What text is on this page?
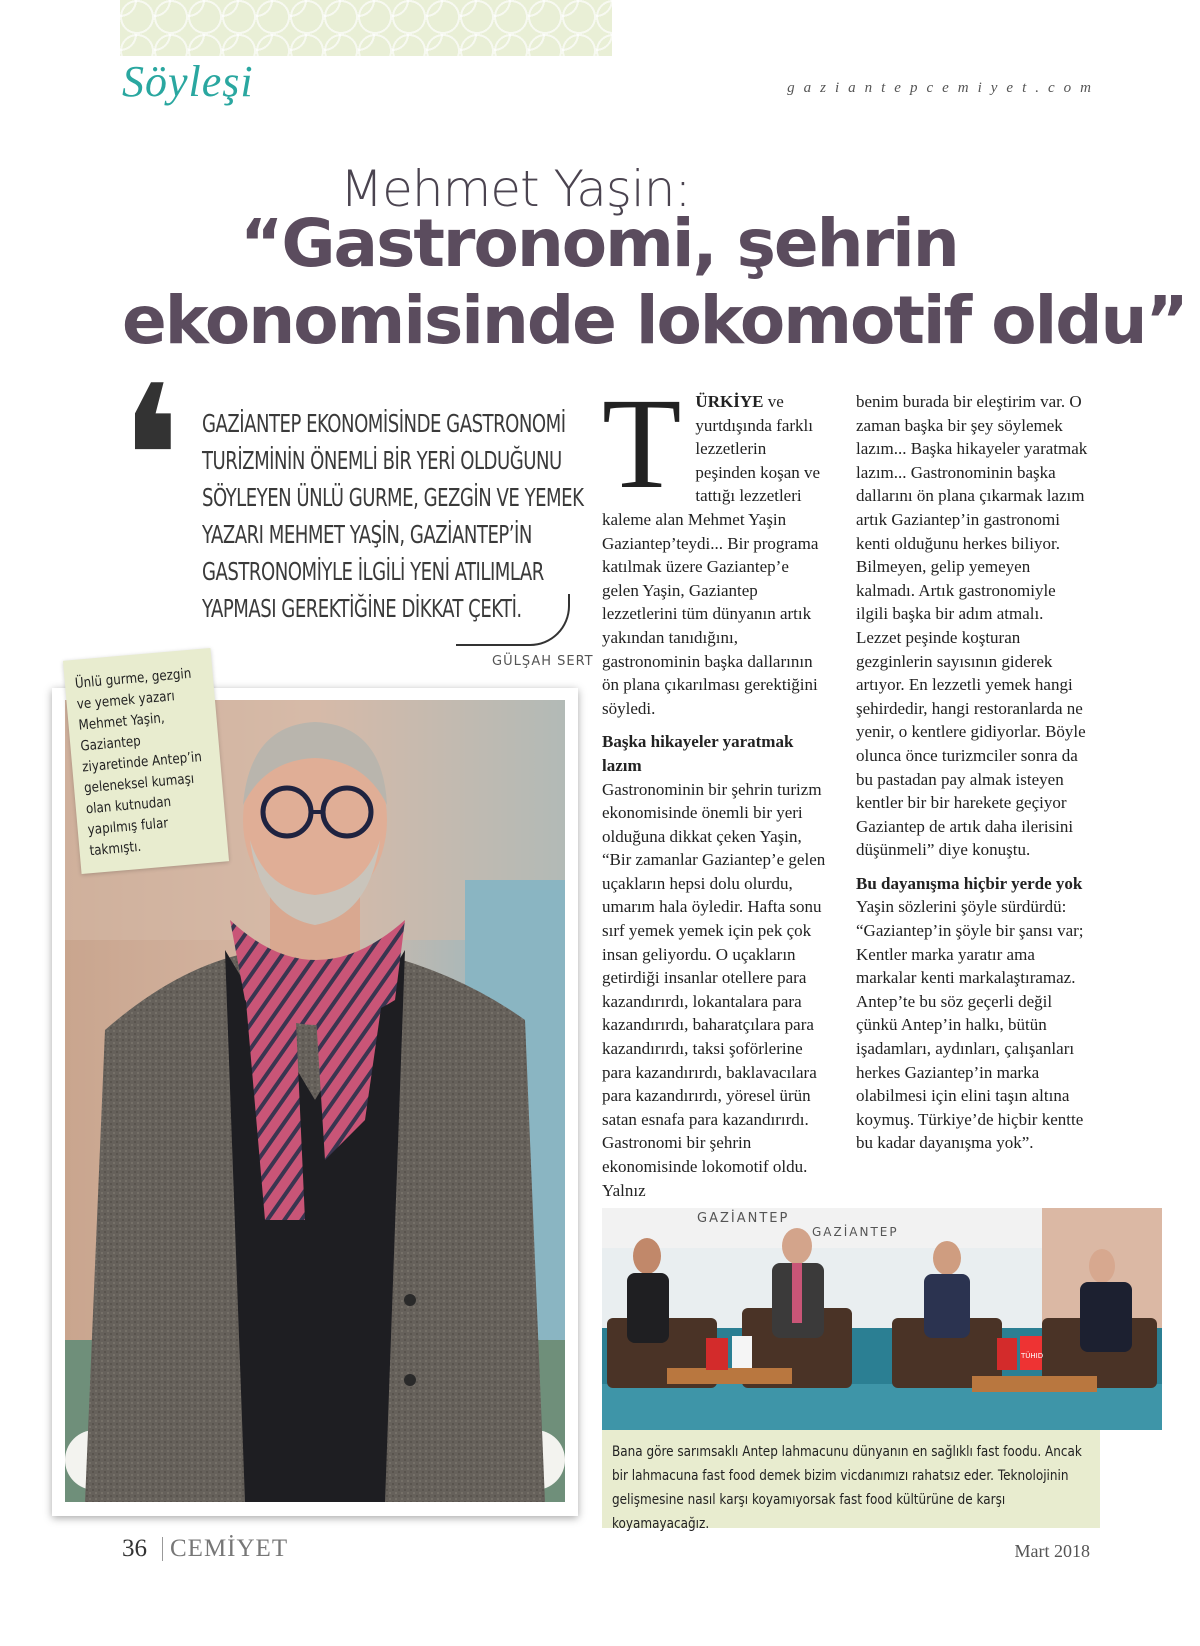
Söyleşi	gaziantepcemiyet.com
Mehmet Yaşin:
“Gastronomi, şehrin
ekonomisinde lokomotif oldu”
❛ GAZİANTEP EKONOMİSİNDE GASTRONOMİ TURİZMİNİN ÖNEMLİ BİR YERİ OLDUĞUNU SÖYLEYEN ÜNLÜ GURME, GEZGİN VE YEMEK YAZARI MEHMET YAŞİN, GAZİANTEP’İN GASTRONOMİYLE İLGİLİ YENİ ATILIMLAR YAPMASI GEREKTİĞİNE DİKKAT ÇEKTİ.
GÜLŞAH SERT
Ünlü gurme, gezgin ve yemek yazarı Mehmet Yaşin, Gaziantep ziyaretinde Antep’in geleneksel kumaşı olan kutnudan yapılmış fular takmıştı.
T ÜRKİYE ve yurtdışında farklı lezzetlerin peşinden koşan ve tattığı lezzetleri kaleme alan Mehmet Yaşin Gaziantep’teydi... Bir programa katılmak üzere Gaziantep’e gelen Yaşin, Gaziantep lezzetlerini tüm dünyanın artık yakından tanıdığını, gastronominin başka dallarının ön plana çıkarılması gerektiğini söyledi.

Başka hikayeler yaratmak lazım

Gastronominin bir şehrin turizm ekonomisinde önemli bir yeri olduğuna dikkat çeken Yaşin, “Bir zamanlar Gaziantep’e gelen uçakların hepsi dolu olurdu, umarım hala öyledir. Hafta sonu sırf yemek yemek için pek çok insan geliyordu. O uçakların getirdiği insanlar otellere para kazandırırdı, lokantalara para kazandırırdı, baharatçılara para kazandırırdı, taksi şoförlerine para kazandırırdı, baklavacılara para kazandırırdı, yöresel ürün satan esnafa para kazandırırdı. Gastronomi bir şehrin ekonomisinde lokomotif oldu. Yalnız

benim burada bir eleştirim var. O zaman başka bir şey söylemek lazım... Başka hikayeler yaratmak lazım... Gastronominin başka dallarını ön plana çıkarmak lazım artık Gaziantep’in gastronomi kenti olduğunu herkes biliyor. Bilmeyen, gelip yemeyen kalmadı. Artık gastronomiyle ilgili başka bir adım atmalı. Lezzet peşinde koşturan gezginlerin sayısının giderek artıyor. En lezzetli yemek hangi şehirdedir, hangi restoranlarda ne yenir, o kentlere gidiyorlar. Böyle olunca önce turizmciler sonra da bu pastadan pay almak isteyen kentler bir bir harekete geçiyor Gaziantep de artık daha ilerisini düşünmeli” diye konuştu.

Bu dayanışma hiçbir yerde yok

Yaşin sözlerini şöyle sürdürdü: “Gaziantep’in şöyle bir şansı var; Kentler marka yaratır ama markalar kenti markalaştıramaz. Antep’te bu söz geçerli değil çünkü Antep’in halkı, bütün işadamları, aydınları, çalışanları herkes Gaziantep’in marka olabilmesi için elini taşın altına koymuş. Türkiye’de hiçbir kentte bu kadar dayanışma yok”.

GAZİANTEP
GAZİANTEP
TÜHID
Bana göre sarımsaklı Antep lahmacunu dünyanın en sağlıklı fast foodu. Ancak bir lahmacuna fast food demek bizim vicdanımızı rahatsız eder. Teknolojinin gelişmesine nasıl karşı koyamıyorsak fast food kültürüne de karşı koyamayacağız.
36 CEMİYET	Mart 2018
